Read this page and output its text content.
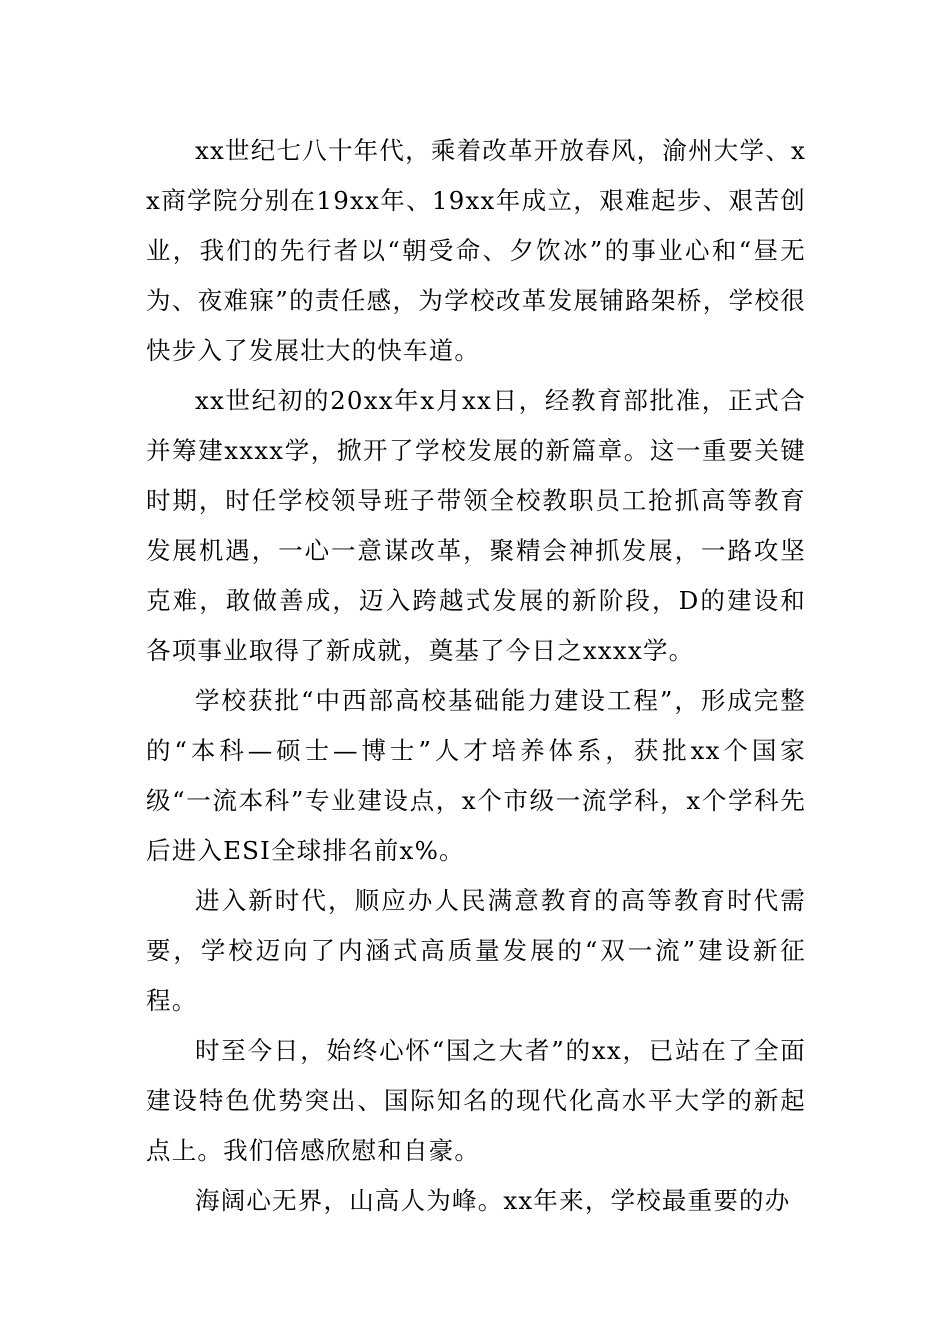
xx世纪七八十年代，乘着改革开放春风，渝州大学、xx商学院分别在19xx年、19xx年成立，艰难起步、艰苦创业，我们的先行者以“朝受命、夕饮冰”的事业心和“昼无为、夜难寐”的责任感，为学校改革发展铺路架桥，学校很快步入了发展壮大的快车道。

xx世纪初的20xx年x月xx日，经教育部批准，正式合并筹建xxxx学，掀开了学校发展的新篇章。这一重要关键时期，时任学校领导班子带领全校教职员工抢抓高等教育发展机遇，一心一意谋改革，聚精会神抓发展，一路攻坚克难，敢做善成，迈入跨越式发展的新阶段，D的建设和各项事业取得了新成就，奠基了今日之xxxx学。

学校获批“中西部高校基础能力建设工程”，形成完整的“本科—硕士—博士”人才培养体系，获批xx个国家级“一流本科”专业建设点，x个市级一流学科，x个学科先后进入ESI全球排名前x%。

进入新时代，顺应办人民满意教育的高等教育时代需要，学校迈向了内涵式高质量发展的“双一流”建设新征程。

时至今日，始终心怀“国之大者”的xx，已站在了全面建设特色优势突出、国际知名的现代化高水平大学的新起点上。我们倍感欣慰和自豪。

海阔心无界，山高人为峰。xx年来，学校最重要的办
